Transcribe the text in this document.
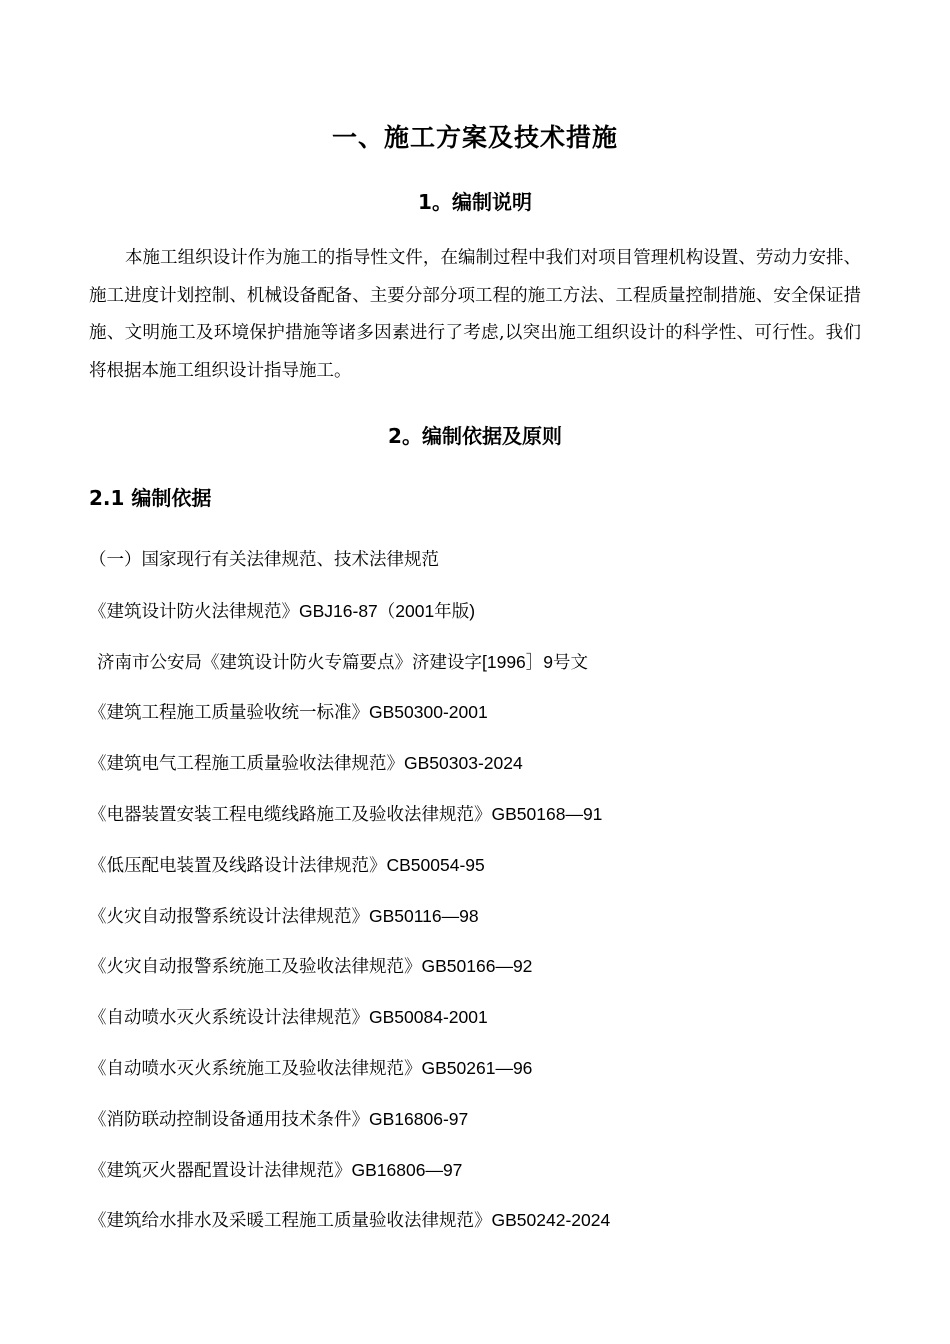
一、施工方案及技术措施
1。编制说明

本施工组织设计作为施工的指导性文件，在编制过程中我们对项目管理机构设置、劳动力安排、施工进度计划控制、机械设备配备、主要分部分项工程的施工方法、工程质量控制措施、安全保证措施、文明施工及环境保护措施等诸多因素进行了考虑,以突出施工组织设计的科学性、可行性。我们将根据本施工组织设计指导施工。

2。编制依据及原则
2.1 编制依据
（一）国家现行有关法律规范、技术法律规范
《建筑设计防火法律规范》GBJ16-87（2001年版)
济南市公安局《建筑设计防火专篇要点》济建设字[1996］9号文
《建筑工程施工质量验收统一标准》GB50300-2001
《建筑电气工程施工质量验收法律规范》GB50303-2024
《电器装置安装工程电缆线路施工及验收法律规范》GB50168—91
《低压配电装置及线路设计法律规范》CB50054-95
《火灾自动报警系统设计法律规范》GB50116—98
《火灾自动报警系统施工及验收法律规范》GB50166—92
《自动喷水灭火系统设计法律规范》GB50084-2001
《自动喷水灭火系统施工及验收法律规范》GB50261—96
《消防联动控制设备通用技术条件》GB16806-97
《建筑灭火器配置设计法律规范》GB16806—97
《建筑给水排水及采暖工程施工质量验收法律规范》GB50242-2024
